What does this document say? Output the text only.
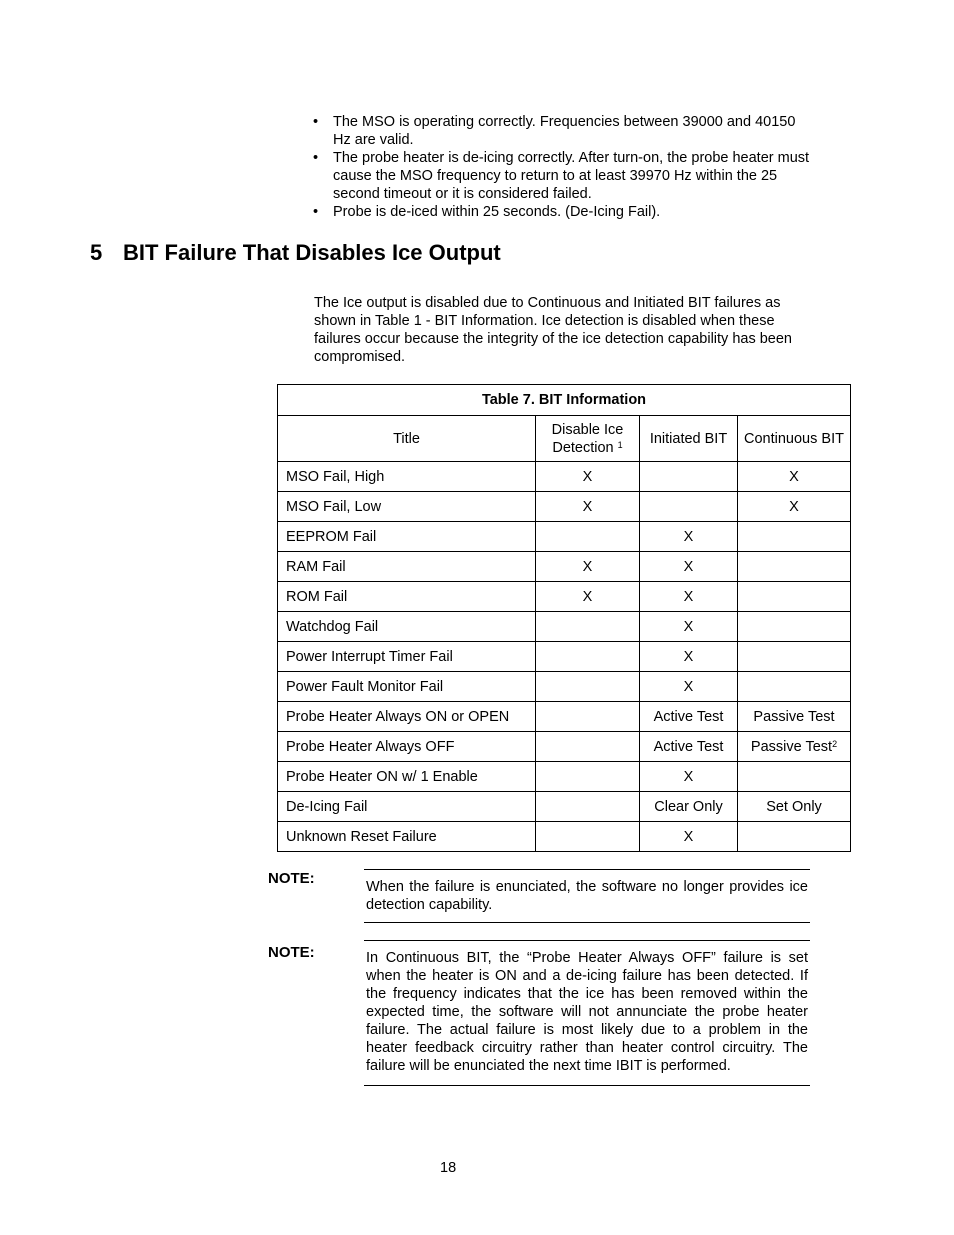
• The MSO is operating correctly. Frequencies between 39000 and 40150 Hz are valid.
• The probe heater is de-icing correctly. After turn-on, the probe heater must cause the MSO frequency to return to at least 39970 Hz within the 25 second timeout or it is considered failed.
• Probe is de-iced within 25 seconds. (De-Icing Fail).
5 BIT Failure That Disables Ice Output

The Ice output is disabled due to Continuous and Initiated BIT failures as shown in Table 1 - BIT Information. Ice detection is disabled when these failures occur because the integrity of the ice detection capability has been compromised.

Table 7. BIT Information
Title	Disable Ice Detection $^1$	Initiated BIT	Continuous BIT
MSO Fail, High	X		X
MSO Fail, Low	X		X
EEPROM Fail		X	
RAM Fail	X	X	
ROM Fail	X	X	
Watchdog Fail		X	
Power Interrupt Timer Fail		X	
Power Fault Monitor Fail		X	
Probe Heater Always ON or OPEN		Active Test	Passive Test
Probe Heater Always OFF		Active Test	Passive Test$^2$
Probe Heater ON w/ 1 Enable		X	
De-Icing Fail		Clear Only	Set Only
Unknown Reset Failure		X	
NOTE:	When the failure is enunciated, the software no longer provides ice detection capability.

NOTE:	In Continuous BIT, the “Probe Heater Always OFF” failure is set when the heater is ON and a de-icing failure has been detected. If the frequency indicates that the ice has been removed within the expected time, the software will not annunciate the probe heater failure. The actual failure is most likely due to a problem in the heater feedback circuitry rather than heater control circuitry. The failure will be enunciated the next time IBIT is performed.

18
